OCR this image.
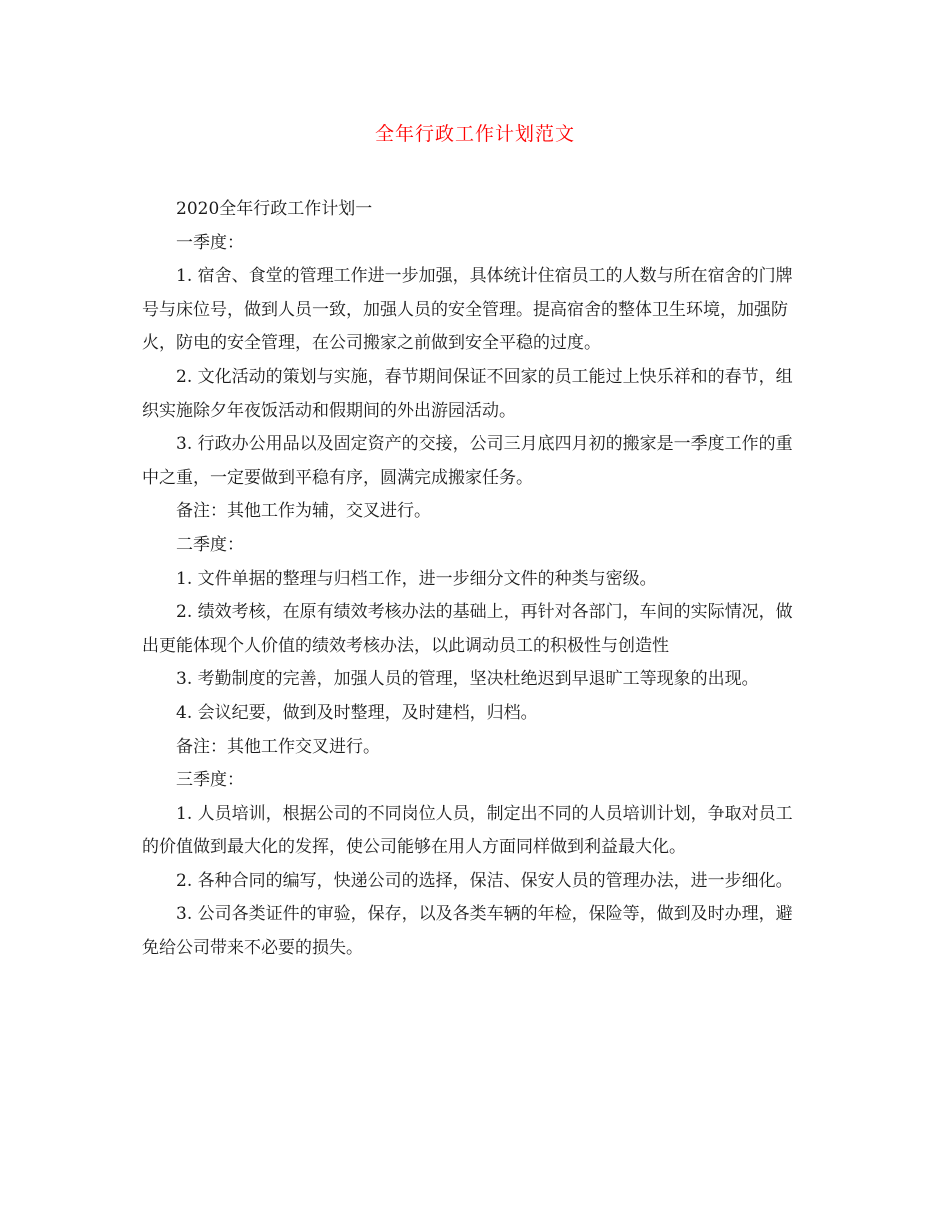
全年行政工作计划范文

2020全年行政工作计划一

一季度：

1. 宿舍、食堂的管理工作进一步加强，具体统计住宿员工的人数与所在宿舍的门牌号与床位号，做到人员一致，加强人员的安全管理。提高宿舍的整体卫生环境，加强防火，防电的安全管理，在公司搬家之前做到安全平稳的过度。

2. 文化活动的策划与实施，春节期间保证不回家的员工能过上快乐祥和的春节，组织实施除夕年夜饭活动和假期间的外出游园活动。

3. 行政办公用品以及固定资产的交接，公司三月底四月初的搬家是一季度工作的重中之重，一定要做到平稳有序，圆满完成搬家任务。

备注：其他工作为辅，交叉进行。

二季度：

1. 文件单据的整理与归档工作，进一步细分文件的种类与密级。

2. 绩效考核，在原有绩效考核办法的基础上，再针对各部门，车间的实际情况，做出更能体现个人价值的绩效考核办法，以此调动员工的积极性与创造性

3. 考勤制度的完善，加强人员的管理，坚决杜绝迟到早退旷工等现象的出现。

4. 会议纪要，做到及时整理，及时建档，归档。

备注：其他工作交叉进行。

三季度：

1. 人员培训，根据公司的不同岗位人员，制定出不同的人员培训计划，争取对员工的价值做到最大化的发挥，使公司能够在用人方面同样做到利益最大化。

2. 各种合同的编写，快递公司的选择，保洁、保安人员的管理办法，进一步细化。

3. 公司各类证件的审验，保存，以及各类车辆的年检，保险等，做到及时办理，避免给公司带来不必要的损失。
